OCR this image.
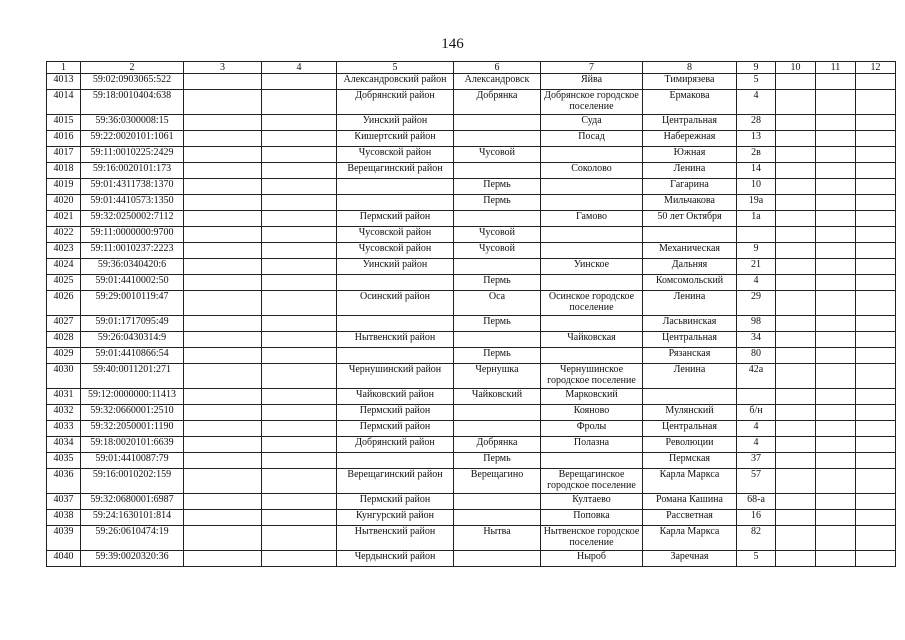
146
1	2	3	4	5	6	7	8	9	10	11	12
4013	59:02:0903065:522			Александровский район	Александровск	Яйва	Тимирязева	5			
4014	59:18:0010404:638			Добрянский район	Добрянка	Добрянское городское поселение	Ермакова	4			
4015	59:36:0300008:15			Уинский район		Суда	Центральная	28			
4016	59:22:0020101:1061			Кишертский район		Посад	Набережная	13			
4017	59:11:0010225:2429			Чусовской район	Чусовой		Южная	2в			
4018	59:16:0020101:173			Верещагинский район		Соколово	Ленина	14			
4019	59:01:4311738:1370				Пермь		Гагарина	10			
4020	59:01:4410573:1350				Пермь		Мильчакова	19а			
4021	59:32:0250002:7112			Пермский район		Гамово	50 лет Октября	1а			
4022	59:11:0000000:9700			Чусовской район	Чусовой						
4023	59:11:0010237:2223			Чусовской район	Чусовой		Механическая	9			
4024	59:36:0340420:6			Уинский район		Уинское	Дальняя	21			
4025	59:01:4410002:50				Пермь		Комсомольский	4			
4026	59:29:0010119:47			Осинский район	Оса	Осинское городское поселение	Ленина	29			
4027	59:01:1717095:49				Пермь		Ласьвинская	98			
4028	59:26:0430314:9			Нытвенский район		Чайковская	Центральная	34			
4029	59:01:4410866:54				Пермь		Рязанская	80			
4030	59:40:0011201:271			Чернушинский район	Чернушка	Чернушинское городское поселение	Ленина	42а			
4031	59:12:0000000:11413			Чайковский район	Чайковский	Марковский					
4032	59:32:0660001:2510			Пермский район		Кояново	Мулянский	б/н			
4033	59:32:2050001:1190			Пермский район		Фролы	Центральная	4			
4034	59:18:0020101:6639			Добрянский район	Добрянка	Полазна	Революции	4			
4035	59:01:4410087:79				Пермь		Пермская	37			
4036	59:16:0010202:159			Верещагинский район	Верещагино	Верещагинское городское поселение	Карла Маркса	57			
4037	59:32:0680001:6987			Пермский район		Култаево	Романа Кашина	68-а			
4038	59:24:1630101:814			Кунгурский район		Поповка	Рассветная	16			
4039	59:26:0610474:19			Нытвенский район	Нытва	Нытвенское городское поселение	Карла Маркса	82			
4040	59:39:0020320:36			Чердынский район		Ныроб	Заречная	5			
